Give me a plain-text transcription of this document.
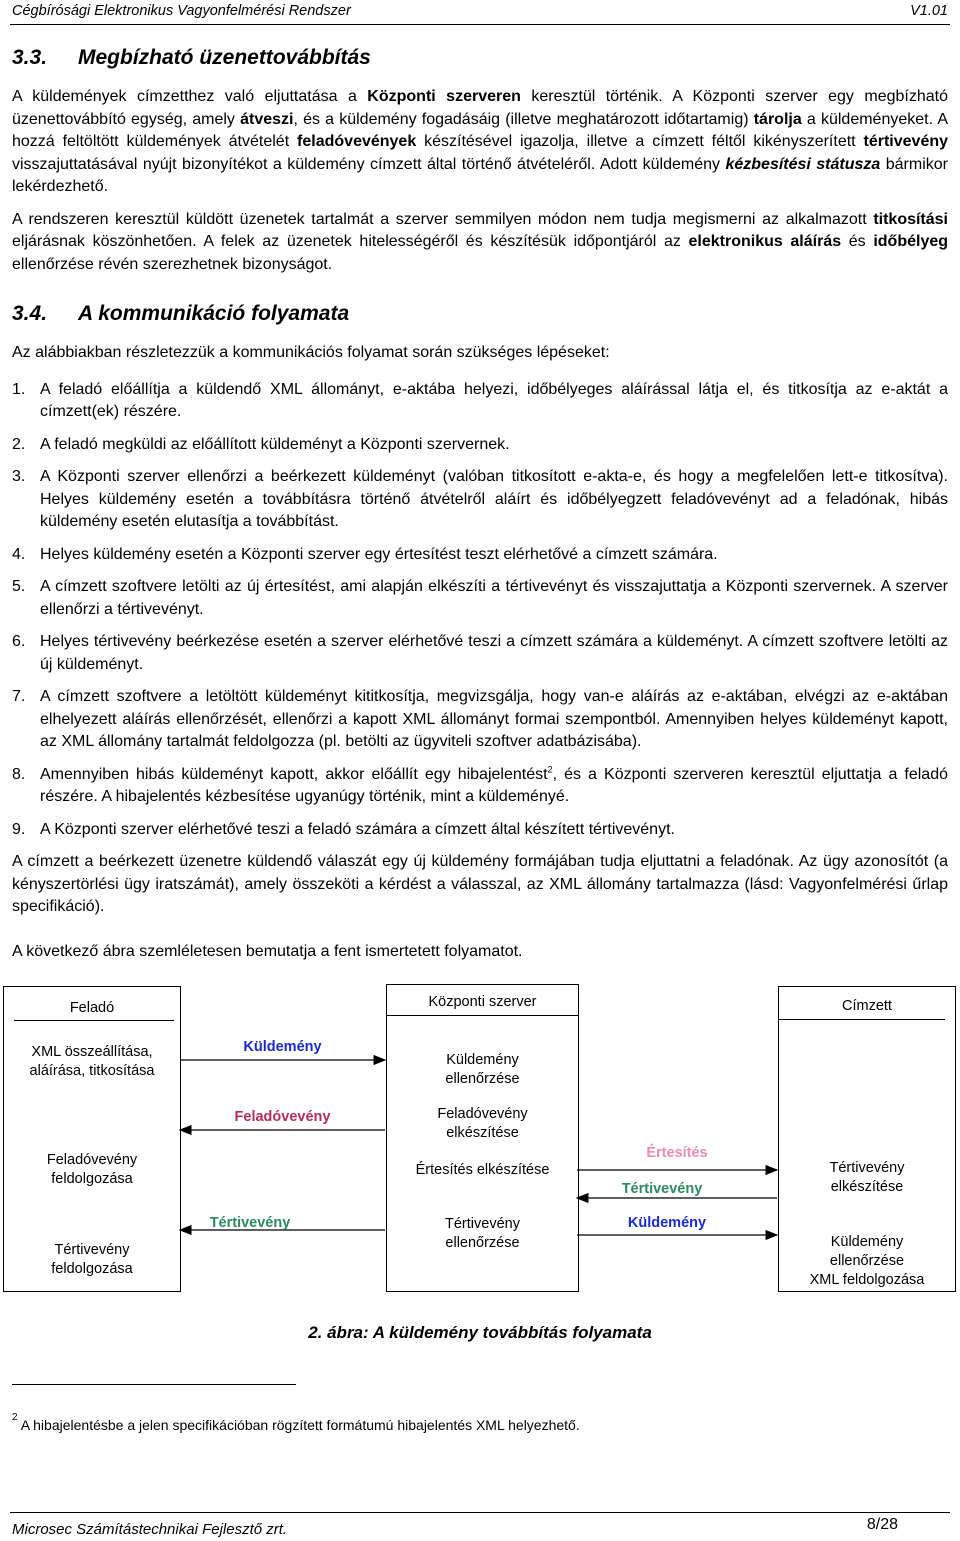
Cégbírósági Elektronikus Vagyonfelmérési Rendszer	V1.01
3.3. Megbízható üzenettovábbítás

A küldemények címzetthez való eljuttatása a Központi szerveren keresztül történik. A Központi szerver egy megbízható üzenettovábbító egység, amely átveszi, és a küldemény fogadásáig (illetve meghatározott időtartamig) tárolja a küldeményeket. A hozzá feltöltött küldemények átvételét feladóvevények készítésével igazolja, illetve a címzett féltől kikényszerített tértivevény visszajuttatásával nyújt bizonyítékot a küldemény címzett által történő átvételéről. Adott küldemény kézbesítési státusza bármikor lekérdezhető.

A rendszeren keresztül küldött üzenetek tartalmát a szerver semmilyen módon nem tudja megismerni az alkalmazott titkosítási eljárásnak köszönhetően. A felek az üzenetek hitelességéről és készítésük időpontjáról az elektronikus aláírás és időbélyeg ellenőrzése révén szerezhetnek bizonyságot.

3.4. A kommunikáció folyamata

Az alábbiakban részletezzük a kommunikációs folyamat során szükséges lépéseket:

1. A feladó előállítja a küldendő XML állományt, e-aktába helyezi, időbélyeges aláírással látja el, és titkosítja az e-aktát a címzett(ek) részére.
2. A feladó megküldi az előállított küldeményt a Központi szervernek.
3. A Központi szerver ellenőrzi a beérkezett küldeményt (valóban titkosított e-akta-e, és hogy a megfelelően lett-e titkosítva). Helyes küldemény esetén a továbbításra történő átvételről aláírt és időbélyegzett feladóvevényt ad a feladónak, hibás küldemény esetén elutasítja a továbbítást.
4. Helyes küldemény esetén a Központi szerver egy értesítést teszt elérhetővé a címzett számára.
5. A címzett szoftvere letölti az új értesítést, ami alapján elkészíti a tértivevényt és visszajuttatja a Központi szervernek. A szerver ellenőrzi a tértivevényt.
6. Helyes tértivevény beérkezése esetén a szerver elérhetővé teszi a címzett számára a küldeményt. A címzett szoftvere letölti az új küldeményt.
7. A címzett szoftvere a letöltött küldeményt kititkosítja, megvizsgálja, hogy van-e aláírás az e-aktában, elvégzi az e-aktában elhelyezett aláírás ellenőrzését, ellenőrzi a kapott XML állományt formai szempontból. Amennyiben helyes küldeményt kapott, az XML állomány tartalmát feldolgozza (pl. betölti az ügyviteli szoftver adatbázisába).
8. Amennyiben hibás küldeményt kapott, akkor előállít egy hibajelentést$^2$, és a Központi szerveren keresztül eljuttatja a feladó részére. A hibajelentés kézbesítése ugyanúgy történik, mint a küldeményé.
9. A Központi szerver elérhetővé teszi a feladó számára a címzett által készített tértivevényt.

A címzett a beérkezett üzenetre küldendő válaszát egy új küldemény formájában tudja eljuttatni a feladónak. Az ügy azonosítót (a kényszertörlési ügy iratszámát), amely összeköti a kérdést a válasszal, az XML állomány tartalmazza (lásd: Vagyonfelmérési űrlap specifikáció).

A következő ábra szemléletesen bemutatja a fent ismertetett folyamatot.

Feladó
XML összeállítása,
aláírása, titkosítása
Feladóvevény
feldolgozása
Tértivevény
feldolgozása
Központi szerver
Küldemény
ellenőrzése
Feladóvevény
elkészítése
Értesítés elkészítése
Tértivevény
ellenőrzése
Címzett
Tértivevény
elkészítése
Küldemény
ellenőrzése
XML feldolgozása
Küldemény
Feladóvevény
Tértivevény
Értesítés
Tértivevény
Küldemény
2. ábra: A küldemény továbbítás folyamata
$^2$ A hibajelentésbe a jelen specifikációban rögzített formátumú hibajelentés XML helyezhető.
Microsec Számítástechnikai Fejlesztő zrt.	8/28
